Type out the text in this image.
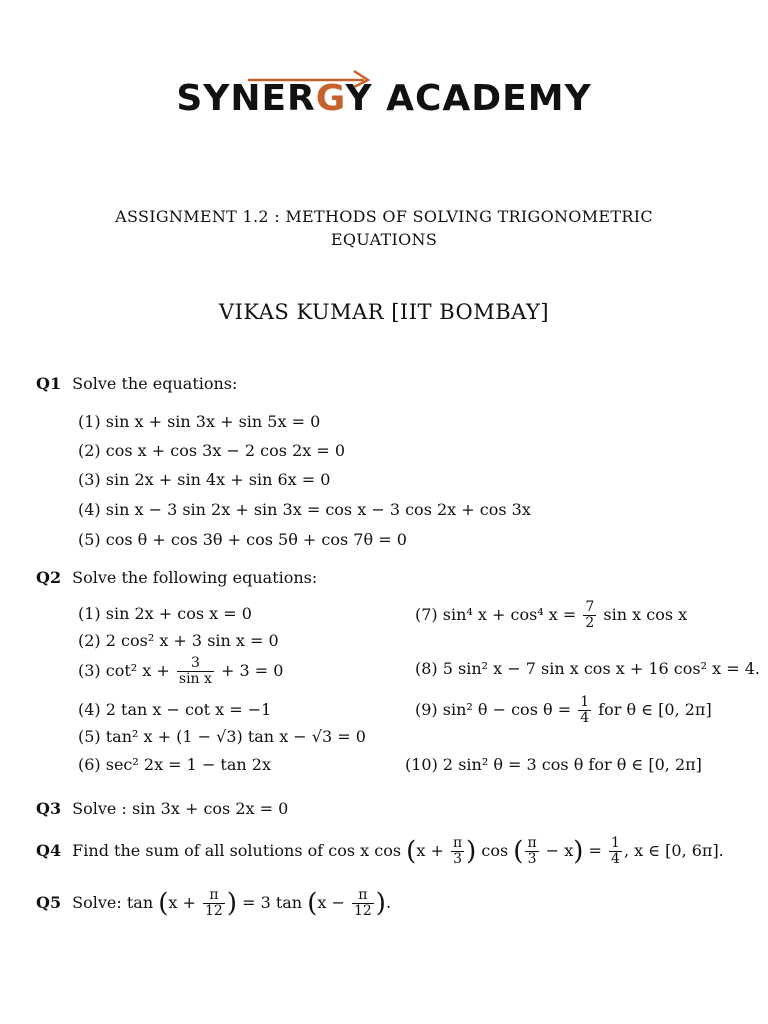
SYNERGY ACADEMY
ASSIGNMENT 1.2 : METHODS OF SOLVING TRIGONOMETRIC EQUATIONS
VIKAS KUMAR [IIT BOMBAY]
Q1 Solve the equations:
(1) sin x + sin 3x + sin 5x = 0
(2) cos x + cos 3x − 2 cos 2x = 0
(3) sin 2x + sin 4x + sin 6x = 0
(4) sin x − 3 sin 2x + sin 3x = cos x − 3 cos 2x + cos 3x
(5) cos θ + cos 3θ + cos 5θ + cos 7θ = 0
Q2 Solve the following equations:
(1) sin 2x + cos x = 0
(2) 2 cos² x + 3 sin x = 0
(3) cot² $x + \frac{3}{\text{sin x}} + 3 = 0$
(4) 2 tan x − cot x = −1
(5) tan² x + (1 − √3) tan x − √3 = 0
(6) sec² 2x = 1 − tan 2x
(7) sin⁴ x + cos⁴ $x = \frac{7}{2}$ sin x cos x
(8) 5 sin² x − 7 sin x cos x + 16 cos² x = 4.
(9) sin² $\theta - \cos \theta = \frac{1}{4}$ for θ ∈ [0, 2π]
(10) 2 sin² θ = 3 cos θ for θ ∈ [0, 2π]
Q3 Solve : sin 3x + cos 2x = 0
Q4 Find the sum of all solutions of cos x $\cos (x + \frac{\pi}{3}$ ) cos ( $\frac{\pi}{3} - x) = \frac{1}{4}$ , x ∈ [0, 6π].
Q5 Solve: $\tan (x + \frac{\pi}{12}$ ) = 3 $\tan (x - \frac{\pi}{12}$ ).
